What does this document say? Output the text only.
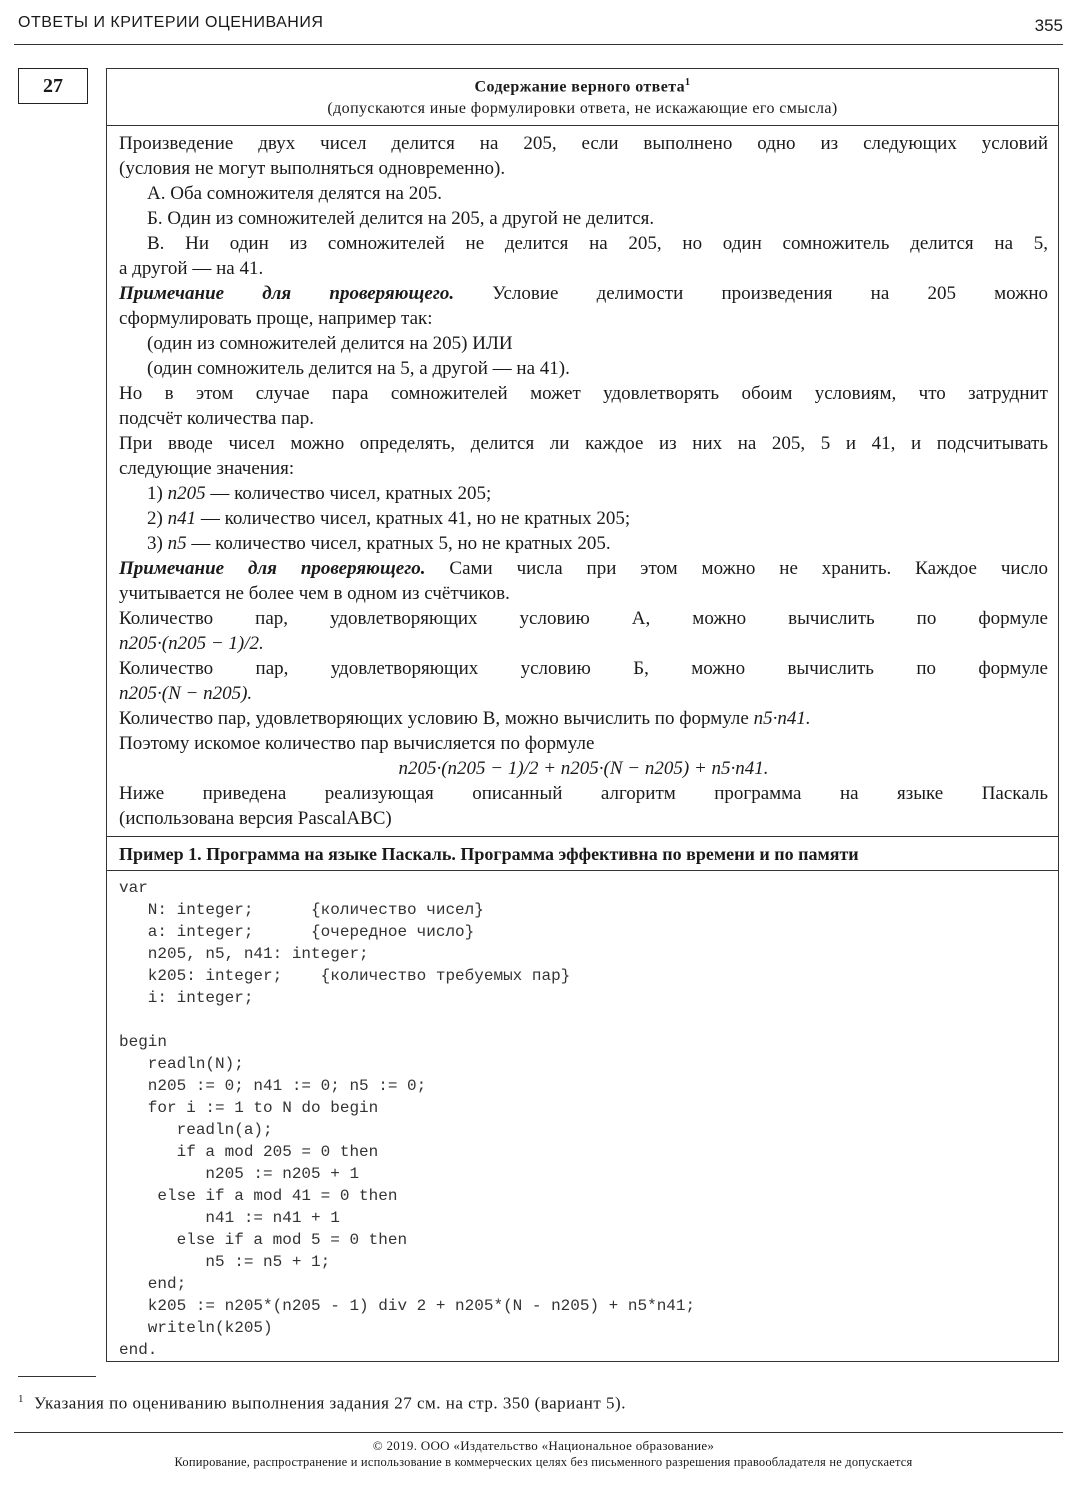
ОТВЕТЫ И КРИТЕРИИ ОЦЕНИВАНИЯ	355
27	Содержание верного ответа$^1$
(допускаются иные формулировки ответа, не искажающие его смысла)
Произведение двух чисел делится на 205, если выполнено одно из следующих условий
(условия не могут выполняться одновременно).
А. Оба сомножителя делятся на 205.
Б. Один из сомножителей делится на 205, а другой не делится.
В. Ни один из сомножителей не делится на 205, но один сомножитель делится на 5,
а другой — на 41.
Примечание для проверяющего. Условие делимости произведения на 205 можно
сформулировать проще, например так:
(один из сомножителей делится на 205) ИЛИ
(один сомножитель делится на 5, а другой — на 41).
Но в этом случае пара сомножителей может удовлетворять обоим условиям, что затруднит
подсчёт количества пар.
При вводе чисел можно определять, делится ли каждое из них на 205, 5 и 41, и подсчитывать
следующие значения:
1) n205 — количество чисел, кратных 205;
2) n41 — количество чисел, кратных 41, но не кратных 205;
3) n5 — количество чисел, кратных 5, но не кратных 205.
Примечание для проверяющего. Сами числа при этом можно не хранить. Каждое число
учитывается не более чем в одном из счётчиков.
Количество пар, удовлетворяющих условию А, можно вычислить по формуле
n205·(n205 − 1)/2.
Количество пар, удовлетворяющих условию Б, можно вычислить по формуле
n205·(N − n205).
Количество пар, удовлетворяющих условию В, можно вычислить по формуле n5·n41.
Поэтому искомое количество пар вычисляется по формуле
n205·(n205 − 1)/2 + n205·(N − n205) + n5·n41.
Ниже приведена реализующая описанный алгоритм программа на языке Паскаль
(использована версия PascalABC)
Пример 1. Программа на языке Паскаль. Программа эффективна по времени и по памяти
var
N: integer;      {количество чисел}
a: integer;      {очередное число}
n205, n5, n41: integer;
k205: integer;    {количество требуемых пар}
i: integer;
begin
readln(N);
n205 := 0; n41 := 0; n5 := 0;
for i := 1 to N do begin
readln(a);
if a mod 205 = 0 then
n205 := n205 + 1
else if a mod 41 = 0 then
n41 := n41 + 1
else if a mod 5 = 0 then
n5 := n5 + 1;
end;
k205 := n205*(n205 - 1) div 2 + n205*(N - n205) + n5*n41;
writeln(k205)
end.
$^1$ Указания по оцениванию выполнения задания 27 см. на стр. 350 (вариант 5).
© 2019. ООО «Издательство «Национальное образование»
Копирование, распространение и использование в коммерческих целях без письменного разрешения правообладателя не допускается
